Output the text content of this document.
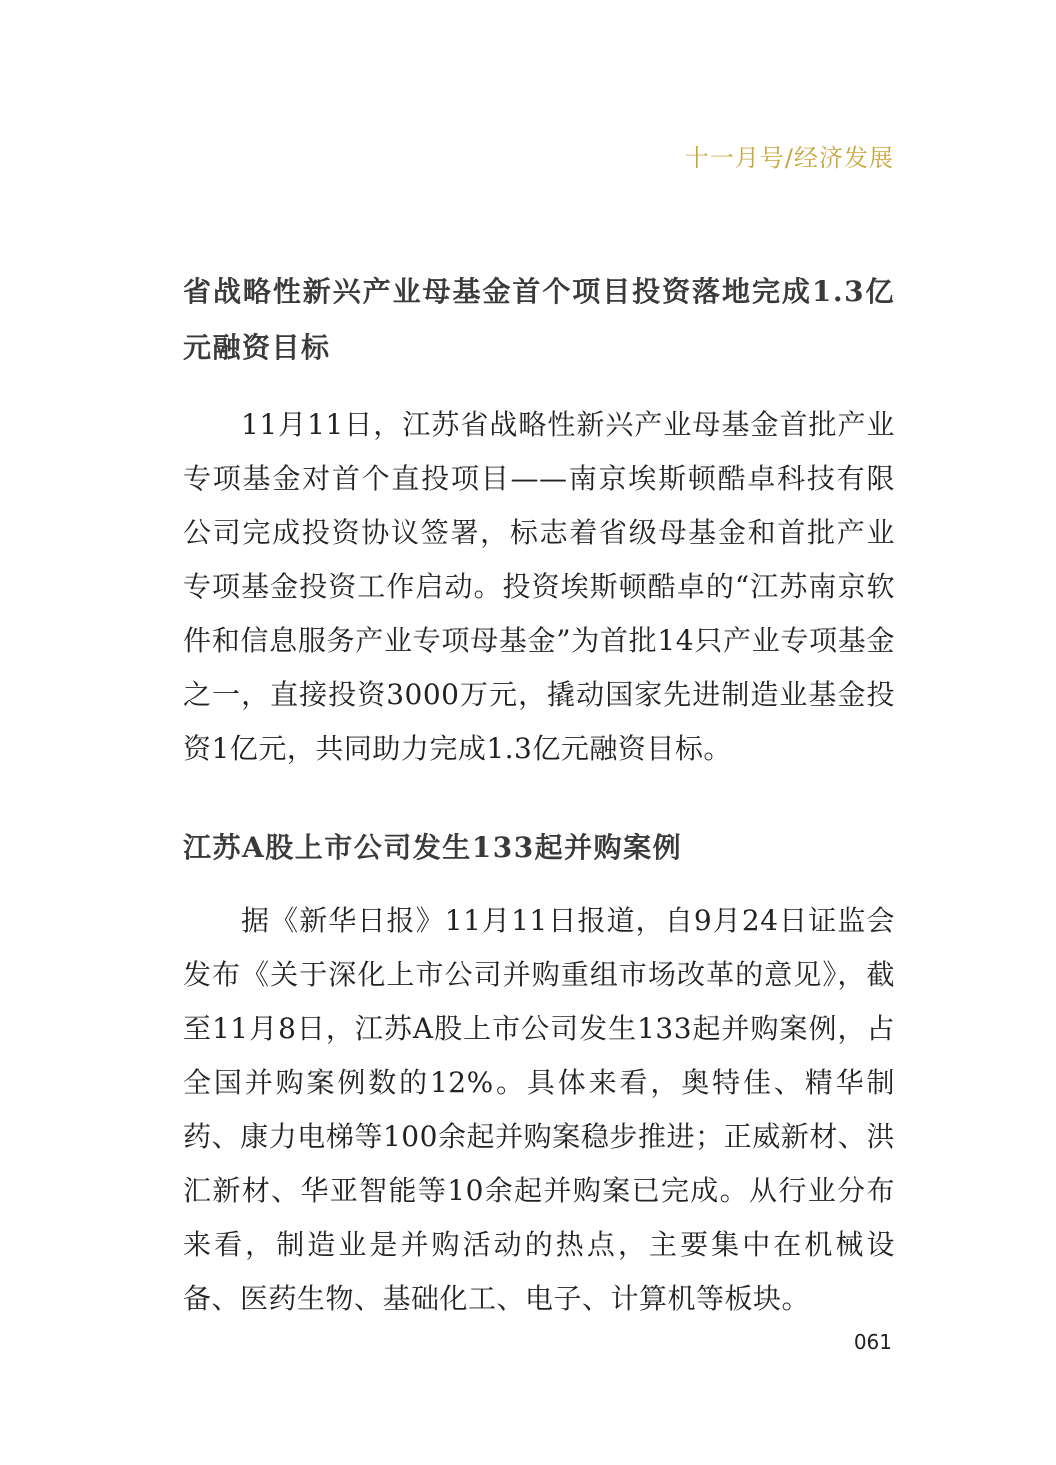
十一月号/经济发展
省战略性新兴产业母基金首个项目投资落地完成1.3亿元融资目标

11月11日，江苏省战略性新兴产业母基金首批产业专项基金对首个直投项目——南京埃斯顿酷卓科技有限公司完成投资协议签署，标志着省级母基金和首批产业专项基金投资工作启动。投资埃斯顿酷卓的“江苏南京软件和信息服务产业专项母基金”为首批14只产业专项基金之一，直接投资3000万元，撬动国家先进制造业基金投资1亿元，共同助力完成1.3亿元融资目标。

江苏A股上市公司发生133起并购案例

据《新华日报》11月11日报道，自9月24日证监会发布《关于深化上市公司并购重组市场改革的意见》，截至11月8日，江苏A股上市公司发生133起并购案例，占全国并购案例数的12%。具体来看，奥特佳、精华制药、康力电梯等100余起并购案稳步推进；正威新材、洪汇新材、华亚智能等10余起并购案已完成。从行业分布来看，制造业是并购活动的热点，主要集中在机械设备、医药生物、基础化工、电子、计算机等板块。

061
